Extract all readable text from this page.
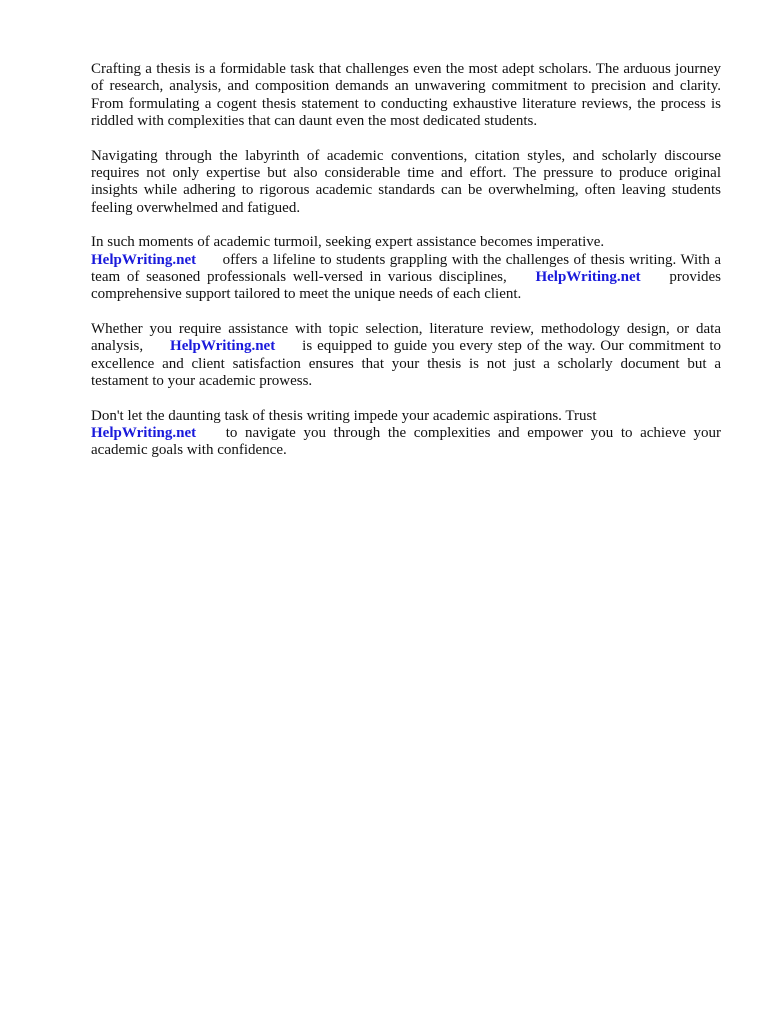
Crafting a thesis is a formidable task that challenges even the most adept scholars. The arduous journey of research, analysis, and composition demands an unwavering commitment to precision and clarity. From formulating a cogent thesis statement to conducting exhaustive literature reviews, the process is riddled with complexities that can daunt even the most dedicated students.

Navigating through the labyrinth of academic conventions, citation styles, and scholarly discourse requires not only expertise but also considerable time and effort. The pressure to produce original insights while adhering to rigorous academic standards can be overwhelming, often leaving students feeling overwhelmed and fatigued.

In such moments of academic turmoil, seeking expert assistance becomes imperative.
HelpWriting.net offers a lifeline to students grappling with the challenges of thesis writing. With a team of seasoned professionals well-versed in various disciplines, HelpWriting.net provides comprehensive support tailored to meet the unique needs of each client.

Whether you require assistance with topic selection, literature review, methodology design, or data analysis, HelpWriting.net is equipped to guide you every step of the way. Our commitment to excellence and client satisfaction ensures that your thesis is not just a scholarly document but a testament to your academic prowess.

Don't let the daunting task of thesis writing impede your academic aspirations. Trust
HelpWriting.net to navigate you through the complexities and empower you to achieve your academic goals with confidence.
